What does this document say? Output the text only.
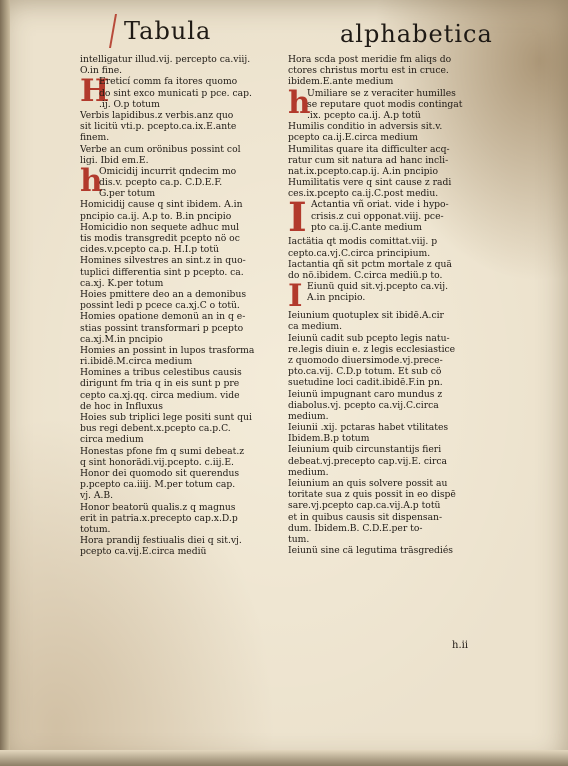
Tabula	alphabetica
intelligatur illud.vij. percepto ca.viij.
O.in fine.
H
Ereticí comm fa itores quomo
do sint exco municati p pce. cap.
.ij. O.p totum
Verbis lapidibus.z verbis.anz quo
sit licitü vti.p. pcepto.ca.ix.E.ante
finem.
Verbe an cum orönibus possint col
ligi. Ibid em.E.
h
Omicidij incurrit qndecim mo
dis.v. pcepto ca.p. C.D.E.F.
G.per totum
Homicidij cause q sint ibidem. A.in
pncipio ca.ij. A.p to. B.in pncipio
Homicidio non sequete adhuc mul
tis modis transgredit pcepto nö oc
cides.v.pcepto ca.p. H.I.p totü
Homines silvestres an sint.z in quo-
tuplici differentia sint p pcepto. ca.
ca.xj. K.per totum
Hoies pmittere deo an a demonibus
possint ledi p pcece ca.xj.C o totü.
Homies opatione demonü an in q e-
stias possint transformari p pcepto
ca.xj.M.in pncipio
Homies an possint in lupos trasforma
ri.ibidē.M.circa medium
Homines a tribus celestibus causis
dirigunt fm tria q in eis sunt p pre
cepto ca.xj.qq. circa medium. vide
de hoc in Influxus
Hoies sub triplici lege positi sunt qui
bus regi debent.x.pcepto ca.p.C.
circa medium
Honestas pfone fm q sumi debeat.z
q sint honorädi.vij.pcepto. c.iij.E.
Honor dei quomodo sit querendus
p.pcepto ca.iiij. M.per totum cap.
vj. A.B.
Honor beatorü qualis.z q magnus
erit in patria.x.precepto cap.x.D.p
totum.
Hora prandij festiualis diei q sit.vj.
pcepto ca.vij.E.circa mediü
Hora scda post meridie fm aliqs do
ctores christus mortu est in cruce.
ibidem.E.ante medium
h
Umiliare se z veraciter humilles
se reputare quot modis contingat
.ix. pcepto ca.ij. A.p totü
Humilis conditio in adversis sit.v.
pcepto ca.ij.E.circa medium
Humilitas quare ita difficulter acq-
ratur cum sit natura ad hanc incli-
nat.ix.pcepto.cap.ij. A.in pncipio
Humilitatis vere q sint cause z radi
ces.ix.pcepto ca.ij.C.post mediu.
I Actantia vñ oriat. vide i hypo-
crisis.z cui opponat.viij. pce-
pto ca.ij.C.ante medium
Iactätia qt modis comittat.viij. p
cepto.ca.vj.C.circa principium.
Iactantia qñ sit pctm mortale z quä
do nö.ibidem. C.circa mediü.p to.
I Eiunü quid sit.vj.pcepto ca.vij.
A.in pncipio.
Ieiunium quotuplex sit ibidē.A.cir
ca medium.
Ieiunü cadit sub pcepto legis natu-
re.legis diuin e. z legis ecclesiastice
z quomodo diuersimode.vj.prece-
pto.ca.vij. C.D.p totum. Et sub cö
suetudine loci cadit.ibidē.F.in pn.
Ieiunü impugnant caro mundus z
diabolus.vj. pcepto ca.vij.C.circa
medium.
Ieiunii .xij. pctaras habet vtilitates
Ibidem.B.p totum
Ieiunium quib circunstantijs fieri
debeat.vj.precepto cap.vij.E. circa
medium.
Ieiunium an quis solvere possit au
toritate sua z quis possit in eo dispē
sare.vj.pcepto cap.ca.vij.A.p totü
et in quibus causis sit dispensan-
dum. Ibidem.B. C.D.E.per to-
tum.
Ieiunü sine cä legutima trāsgrediés
h.ii
